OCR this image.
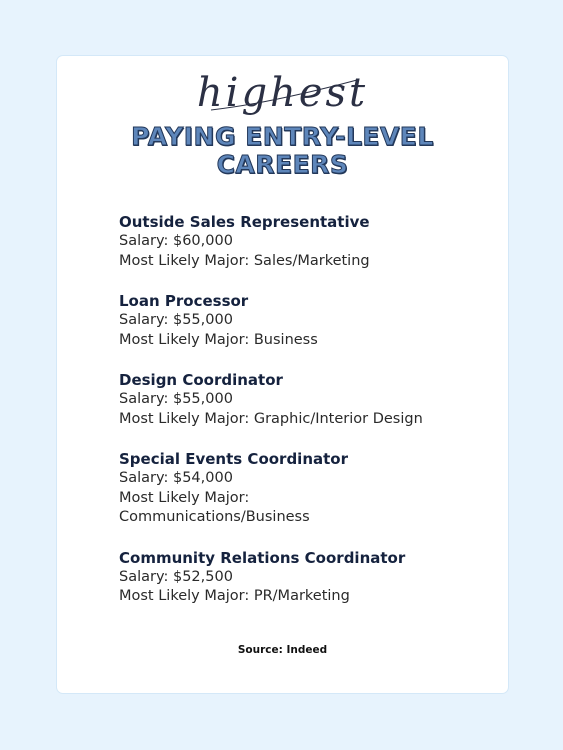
highest
PAYING ENTRY-LEVEL
CAREERS
Outside Sales Representative
Salary: $60,000
Most Likely Major: Sales/Marketing
Loan Processor
Salary: $55,000
Most Likely Major: Business
Design Coordinator
Salary: $55,000
Most Likely Major: Graphic/Interior Design
Special Events Coordinator
Salary: $54,000
Most Likely Major:
Communications/Business
Community Relations Coordinator
Salary: $52,500
Most Likely Major: PR/Marketing
Source: Indeed
